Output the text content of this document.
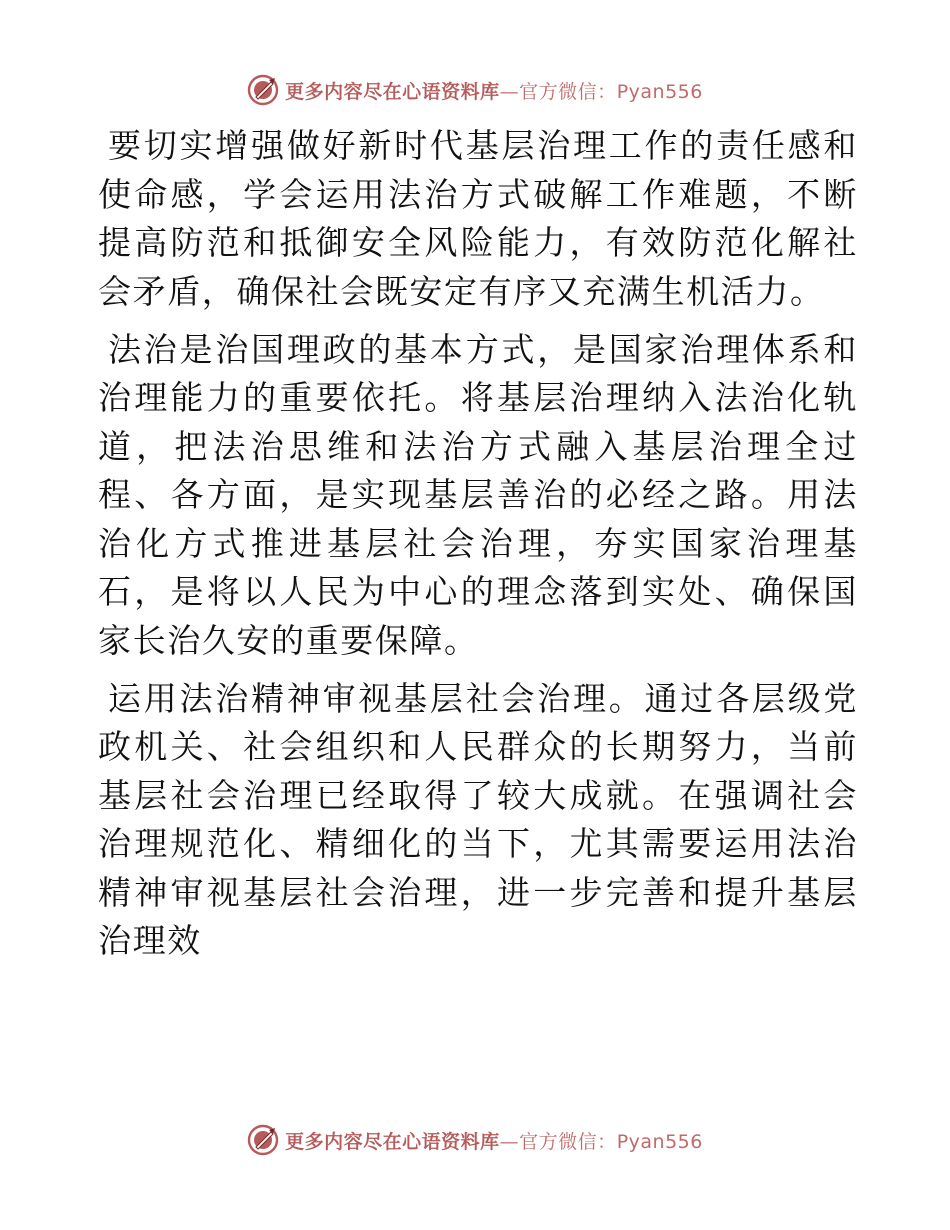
更多内容尽在心语资料库—官方微信：Pyan556

要切实增强做好新时代基层治理工作的责任感和使命感，学会运用法治方式破解工作难题，不断提高防范和抵御安全风险能力，有效防范化解社会矛盾，确保社会既安定有序又充满生机活力。

法治是治国理政的基本方式，是国家治理体系和治理能力的重要依托。将基层治理纳入法治化轨道，把法治思维和法治方式融入基层治理全过程、各方面，是实现基层善治的必经之路。用法治化方式推进基层社会治理，夯实国家治理基石，是将以人民为中心的理念落到实处、确保国家长治久安的重要保障。

运用法治精神审视基层社会治理。通过各层级党政机关、社会组织和人民群众的长期努力，当前基层社会治理已经取得了较大成就。在强调社会治理规范化、精细化的当下，尤其需要运用法治精神审视基层社会治理，进一步完善和提升基层治理效

更多内容尽在心语资料库—官方微信：Pyan556
